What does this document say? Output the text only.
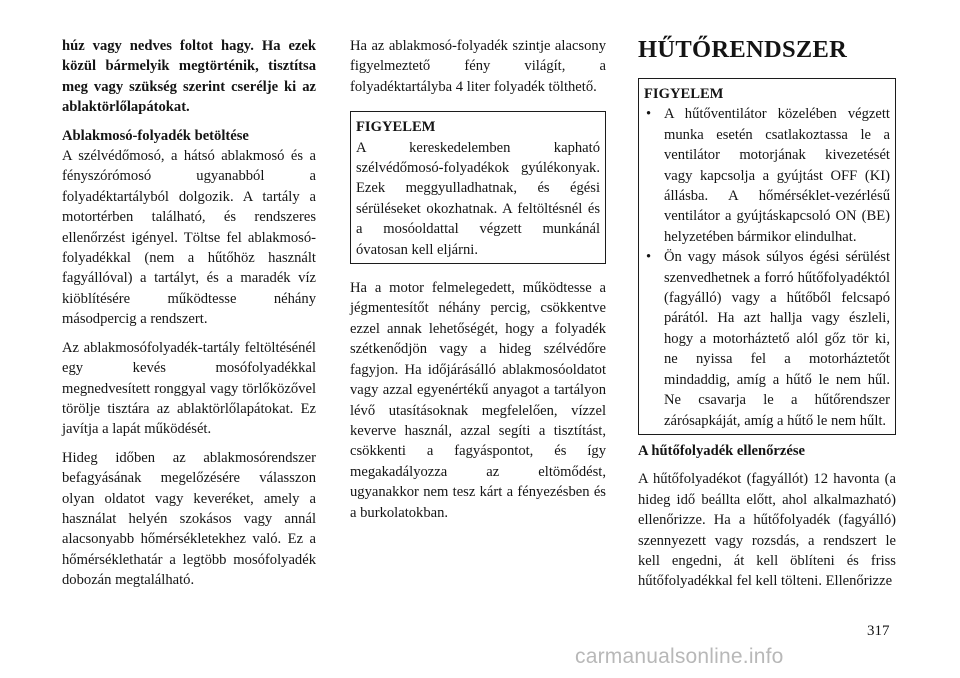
húz vagy nedves foltot hagy. Ha ezek közül bármelyik megtörténik, tisztítsa meg vagy szükség szerint cserélje ki az ablaktörlőlapátokat.

Ablakmosó-folyadék betöltése

A szélvédőmosó, a hátsó ablakmosó és a fényszórómosó ugyanabból a folyadéktartályból dolgozik. A tartály a motortérben található, és rendszeres ellenőrzést igényel. Töltse fel ablakmosó-folyadékkal (nem a hűtőhöz használt fagyállóval) a tartályt, és a maradék víz kiöblítésére működtesse néhány másodpercig a rendszert.

Az ablakmosófolyadék-tartály feltöltésénél egy kevés mosófolyadékkal megnedvesített ronggyal vagy törlőközővel törölje tisztára az ablaktörlőlapátokat. Ez javítja a lapát működését.

Hideg időben az ablakmosórendszer befagyásának megelőzésére válasszon olyan oldatot vagy keveréket, amely a használat helyén szokásos vagy annál alacsonyabb hőmérsékletekhez való. Ez a hőmérséklethatár a legtöbb mosófolyadék dobozán megtalálható.

Ha az ablakmosó-folyadék szintje alacsony figyelmeztető fény világít, a folyadéktartályba 4 liter folyadék tölthető.

FIGYELEM

A kereskedelemben kapható szélvédőmosó-folyadékok gyúlékonyak. Ezek meggyulladhatnak, és égési sérüléseket okozhatnak. A feltöltésnél és a mosóoldattal végzett munkánál óvatosan kell eljárni.

Ha a motor felmelegedett, működtesse a jégmentesítőt néhány percig, csökkentve ezzel annak lehetőségét, hogy a folyadék szétkenődjön vagy a hideg szélvédőre fagyjon. Ha időjárásálló ablakmosóoldatot vagy azzal egyenértékű anyagot a tartályon lévő utasításoknak megfelelően, vízzel keverve használ, azzal segíti a tisztítást, csökkenti a fagyáspontot, és így megakadályozza az eltömődést, ugyanakkor nem tesz kárt a fényezésben és a burkolatokban.

HŰTŐRENDSZER

FIGYELEM

• A hűtőventilátor közelében végzett munka esetén csatlakoztassa le a ventilátor motorjának kivezetését vagy kapcsolja a gyújtást OFF (KI) állásba. A hőmérséklet-vezérlésű ventilátor a gyújtáskapcsoló ON (BE) helyzetében bármikor elindulhat.
• Ön vagy mások súlyos égési sérülést szenvedhetnek a forró hűtőfolyadéktól (fagyálló) vagy a hűtőből felcsapó párától. Ha azt hallja vagy észleli, hogy a motorháztető alól gőz tör ki, ne nyissa fel a motorháztetőt mindaddig, amíg a hűtő le nem hűl. Ne csavarja le a hűtőrendszer zárósapkáját, amíg a hűtő le nem hűlt.

A hűtőfolyadék ellenőrzése

A hűtőfolyadékot (fagyállót) 12 havonta (a hideg idő beállta előtt, ahol alkalmazható) ellenőrizze. Ha a hűtőfolyadék (fagyálló) szennyezett vagy rozsdás, a rendszert le kell engedni, át kell öblíteni és friss hűtőfolyadékkal fel kell tölteni. Ellenőrizze

317
carmanualsonline.info
